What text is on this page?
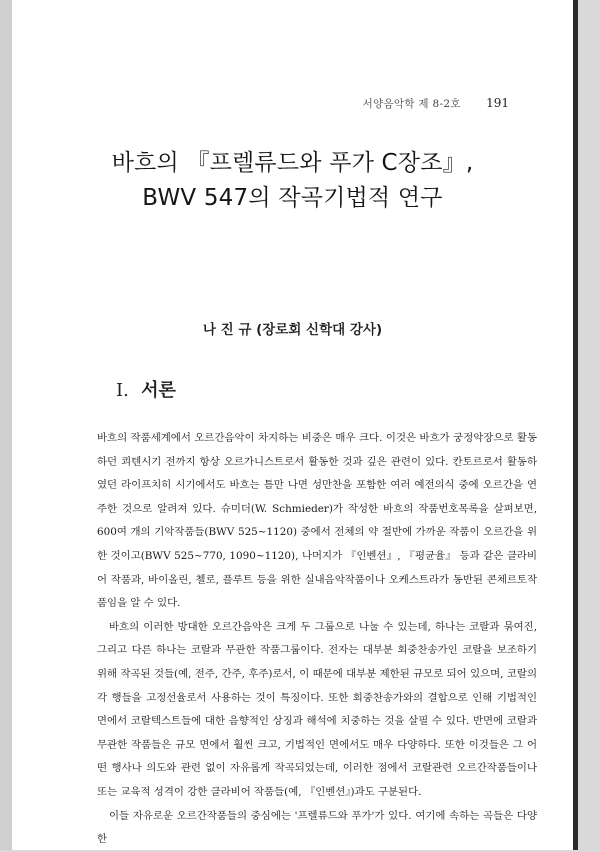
서양음악학 제 8-2호 191
바흐의 『프렐류드와 푸가 C장조』,
BWV 547의 작곡기법적 연구
나 진 규 (장로회 신학대 강사)
I. 서론

바흐의 작품세계에서 오르간음악이 차지하는 비중은 매우 크다. 이것은 바흐가 궁정악장으로 활동하던 쾨텐시기 전까지 항상 오르가니스트로서 활동한 것과 깊은 관련이 있다. 칸토르로서 활동하였던 라이프치히 시기에서도 바흐는 틈만 나면 성만찬을 포함한 여러 예전의식 중에 오르간을 연주한 것으로 알려져 있다. 슈미더(W. Schmieder)가 작성한 바흐의 작품번호목록을 살펴보면, 600여 개의 기악작품들(BWV 525~1120) 중에서 전체의 약 절반에 가까운 작품이 오르간을 위한 것이고(BWV 525~770, 1090~1120), 나머지가 『인벤션』, 『평균율』 등과 같은 클라비어 작품과, 바이올린, 첼로, 플루트 등을 위한 실내음악작품이나 오케스트라가 동반된 콘체르토작품임을 알 수 있다.

바흐의 이러한 방대한 오르간음악은 크게 두 그룹으로 나눌 수 있는데, 하나는 코랄과 묶여진, 그리고 다른 하나는 코랄과 무관한 작품그룹이다. 전자는 대부분 회중찬송가인 코랄을 보조하기 위해 작곡된 것들(예, 전주, 간주, 후주)로서, 이 때문에 대부분 제한된 규모로 되어 있으며, 코랄의 각 행들을 고정선율로서 사용하는 것이 특징이다. 또한 회중찬송가와의 결합으로 인해 기법적인 면에서 코랄텍스트들에 대한 음향적인 상징과 해석에 치중하는 것을 살필 수 있다. 반면에 코랄과 무관한 작품들은 규모 면에서 훨씬 크고, 기법적인 면에서도 매우 다양하다. 또한 이것들은 그 어떤 행사나 의도와 관련 없이 자유롭게 작곡되었는데, 이러한 점에서 코랄관련 오르간작품들이나 또는 교육적 성격이 강한 클라비어 작품들(예, 『인벤션』)과도 구분된다.

이들 자유로운 오르간작품들의 중심에는 '프렐류드와 푸가'가 있다. 여기에 속하는 곡들은 다양한
